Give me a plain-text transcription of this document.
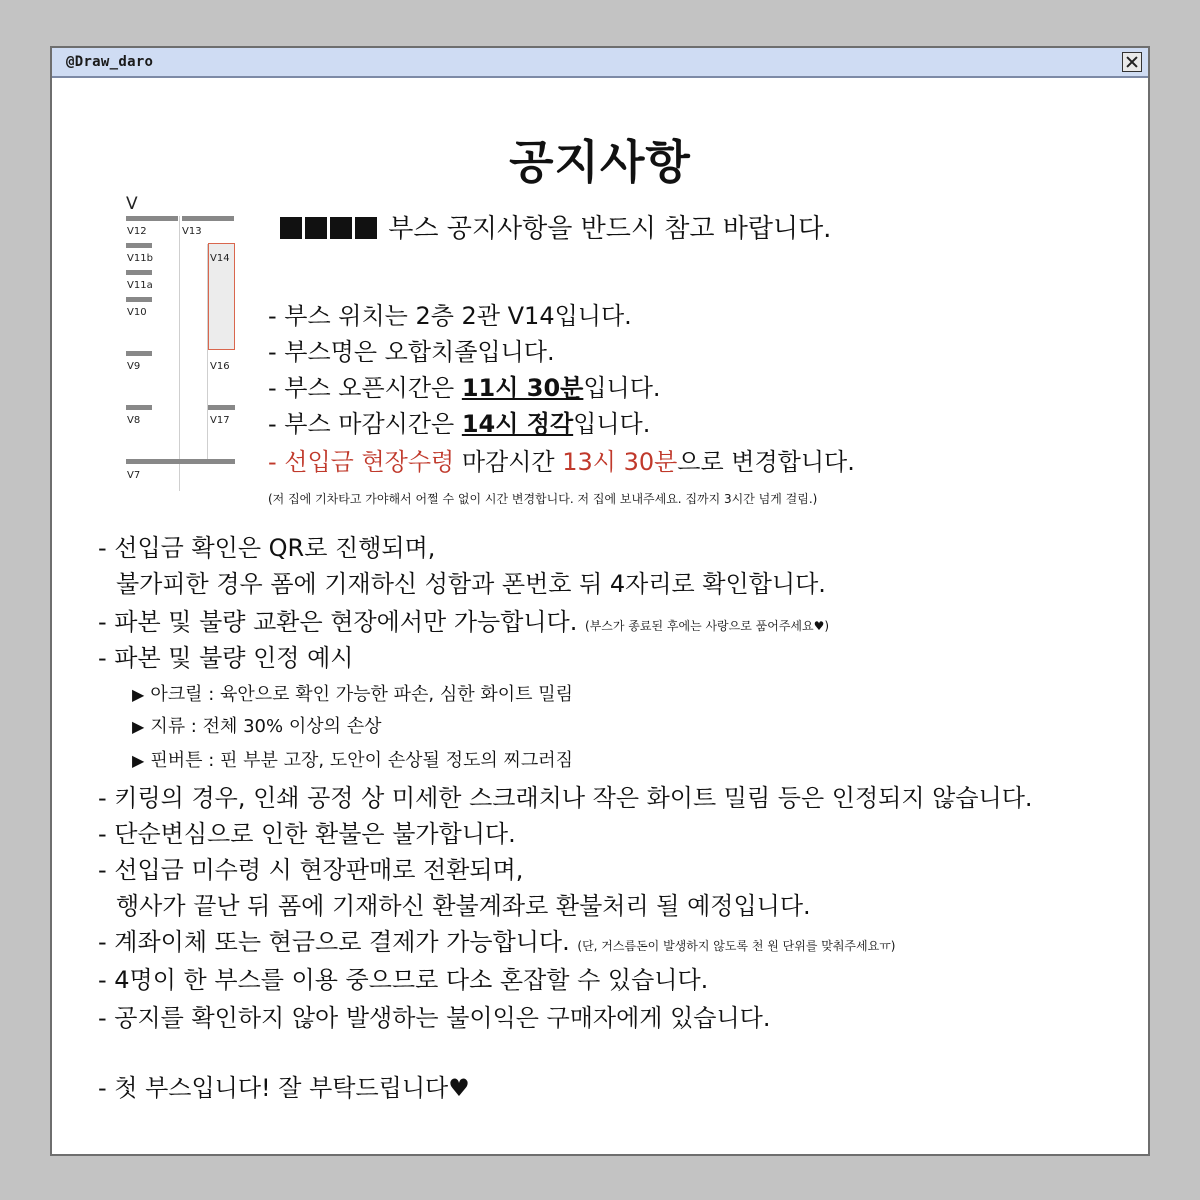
@Draw_daro
공지사항
V
V12	V13
V11b	V14
V11a
V10
V9	V16
V8	V17
V7
부스 공지사항을 반드시 참고 바랍니다.
- 부스 위치는 2층 2관 V14입니다.
- 부스명은 오합치졸입니다.
- 부스 오픈시간은 11시 30분입니다.
- 부스 마감시간은 14시 정각입니다.
- 선입금 현장수령 마감시간 13시 30분으로 변경합니다.
(저 집에 기차타고 가야해서 어쩔 수 없이 시간 변경합니다. 저 집에 보내주세요. 집까지 3시간 넘게 걸림.)
- 선입금 확인은 QR로 진행되며,
불가피한 경우 폼에 기재하신 성함과 폰번호 뒤 4자리로 확인합니다.
- 파본 및 불량 교환은 현장에서만 가능합니다. (부스가 종료된 후에는 사랑으로 품어주세요♥)
- 파본 및 불량 인정 예시
▶ 아크릴 : 육안으로 확인 가능한 파손, 심한 화이트 밀림
▶ 지류 : 전체 30% 이상의 손상
▶ 핀버튼 : 핀 부분 고장, 도안이 손상될 정도의 찌그러짐
- 키링의 경우, 인쇄 공정 상 미세한 스크래치나 작은 화이트 밀림 등은 인정되지 않습니다.
- 단순변심으로 인한 환불은 불가합니다.
- 선입금 미수령 시 현장판매로 전환되며,
행사가 끝난 뒤 폼에 기재하신 환불계좌로 환불처리 될 예정입니다.
- 계좌이체 또는 현금으로 결제가 가능합니다. (단, 거스름돈이 발생하지 않도록 천 원 단위를 맞춰주세요ㅠ)
- 4명이 한 부스를 이용 중으므로 다소 혼잡할 수 있습니다.
- 공지를 확인하지 않아 발생하는 불이익은 구매자에게 있습니다.
- 첫 부스입니다! 잘 부탁드립니다♥
